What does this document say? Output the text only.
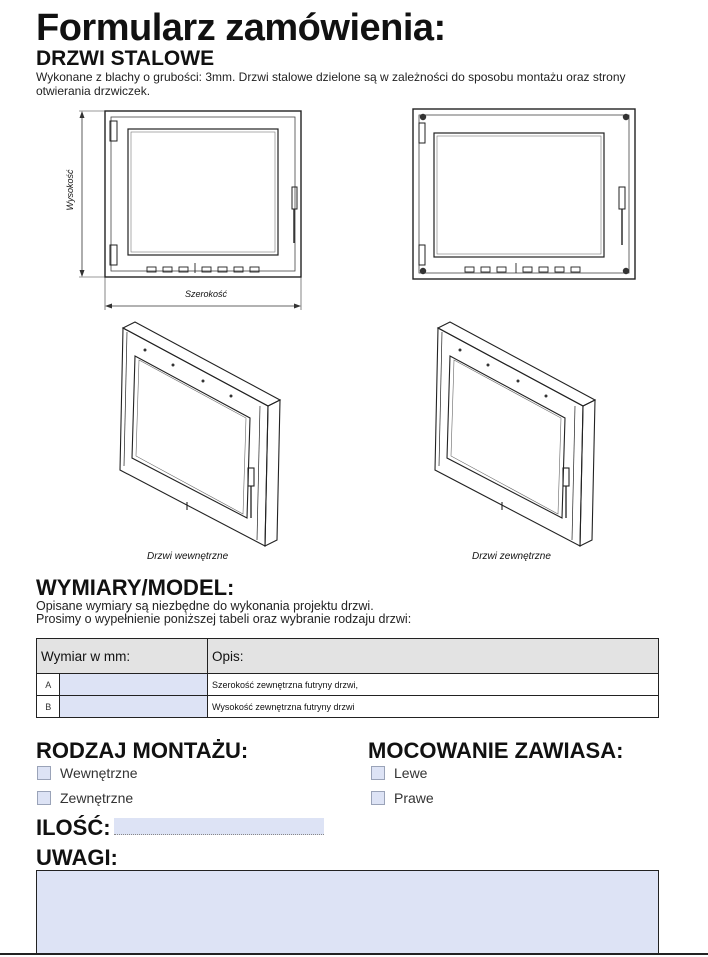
Formularz zamówienia:
DRZWI STALOWE
Wykonane z blachy o grubości: 3mm. Drzwi stalowe dzielone są w zależności do sposobu montażu oraz strony otwierania drzwiczek.
Wysokość
Szerokość
Drzwi wewnętrzne	Drzwi zewnętrzne
WYMIARY/MODEL:
Opisane wymiary są niezbędne do wykonania projektu drzwi.
Prosimy o wypełnienie poniższej tabeli oraz wybranie rodzaju drzwi:
Wymiar w mm:		Opis:
A		Szerokość zewnętrzna futryny drzwi,
B		Wysokość zewnętrzna futryny drzwi
RODZAJ MONTAŻU:
Wewnętrzne
Zewnętrzne
MOCOWANIE ZAWIASA:
Lewe
Prawe
ILOŚĆ:
UWAGI:
